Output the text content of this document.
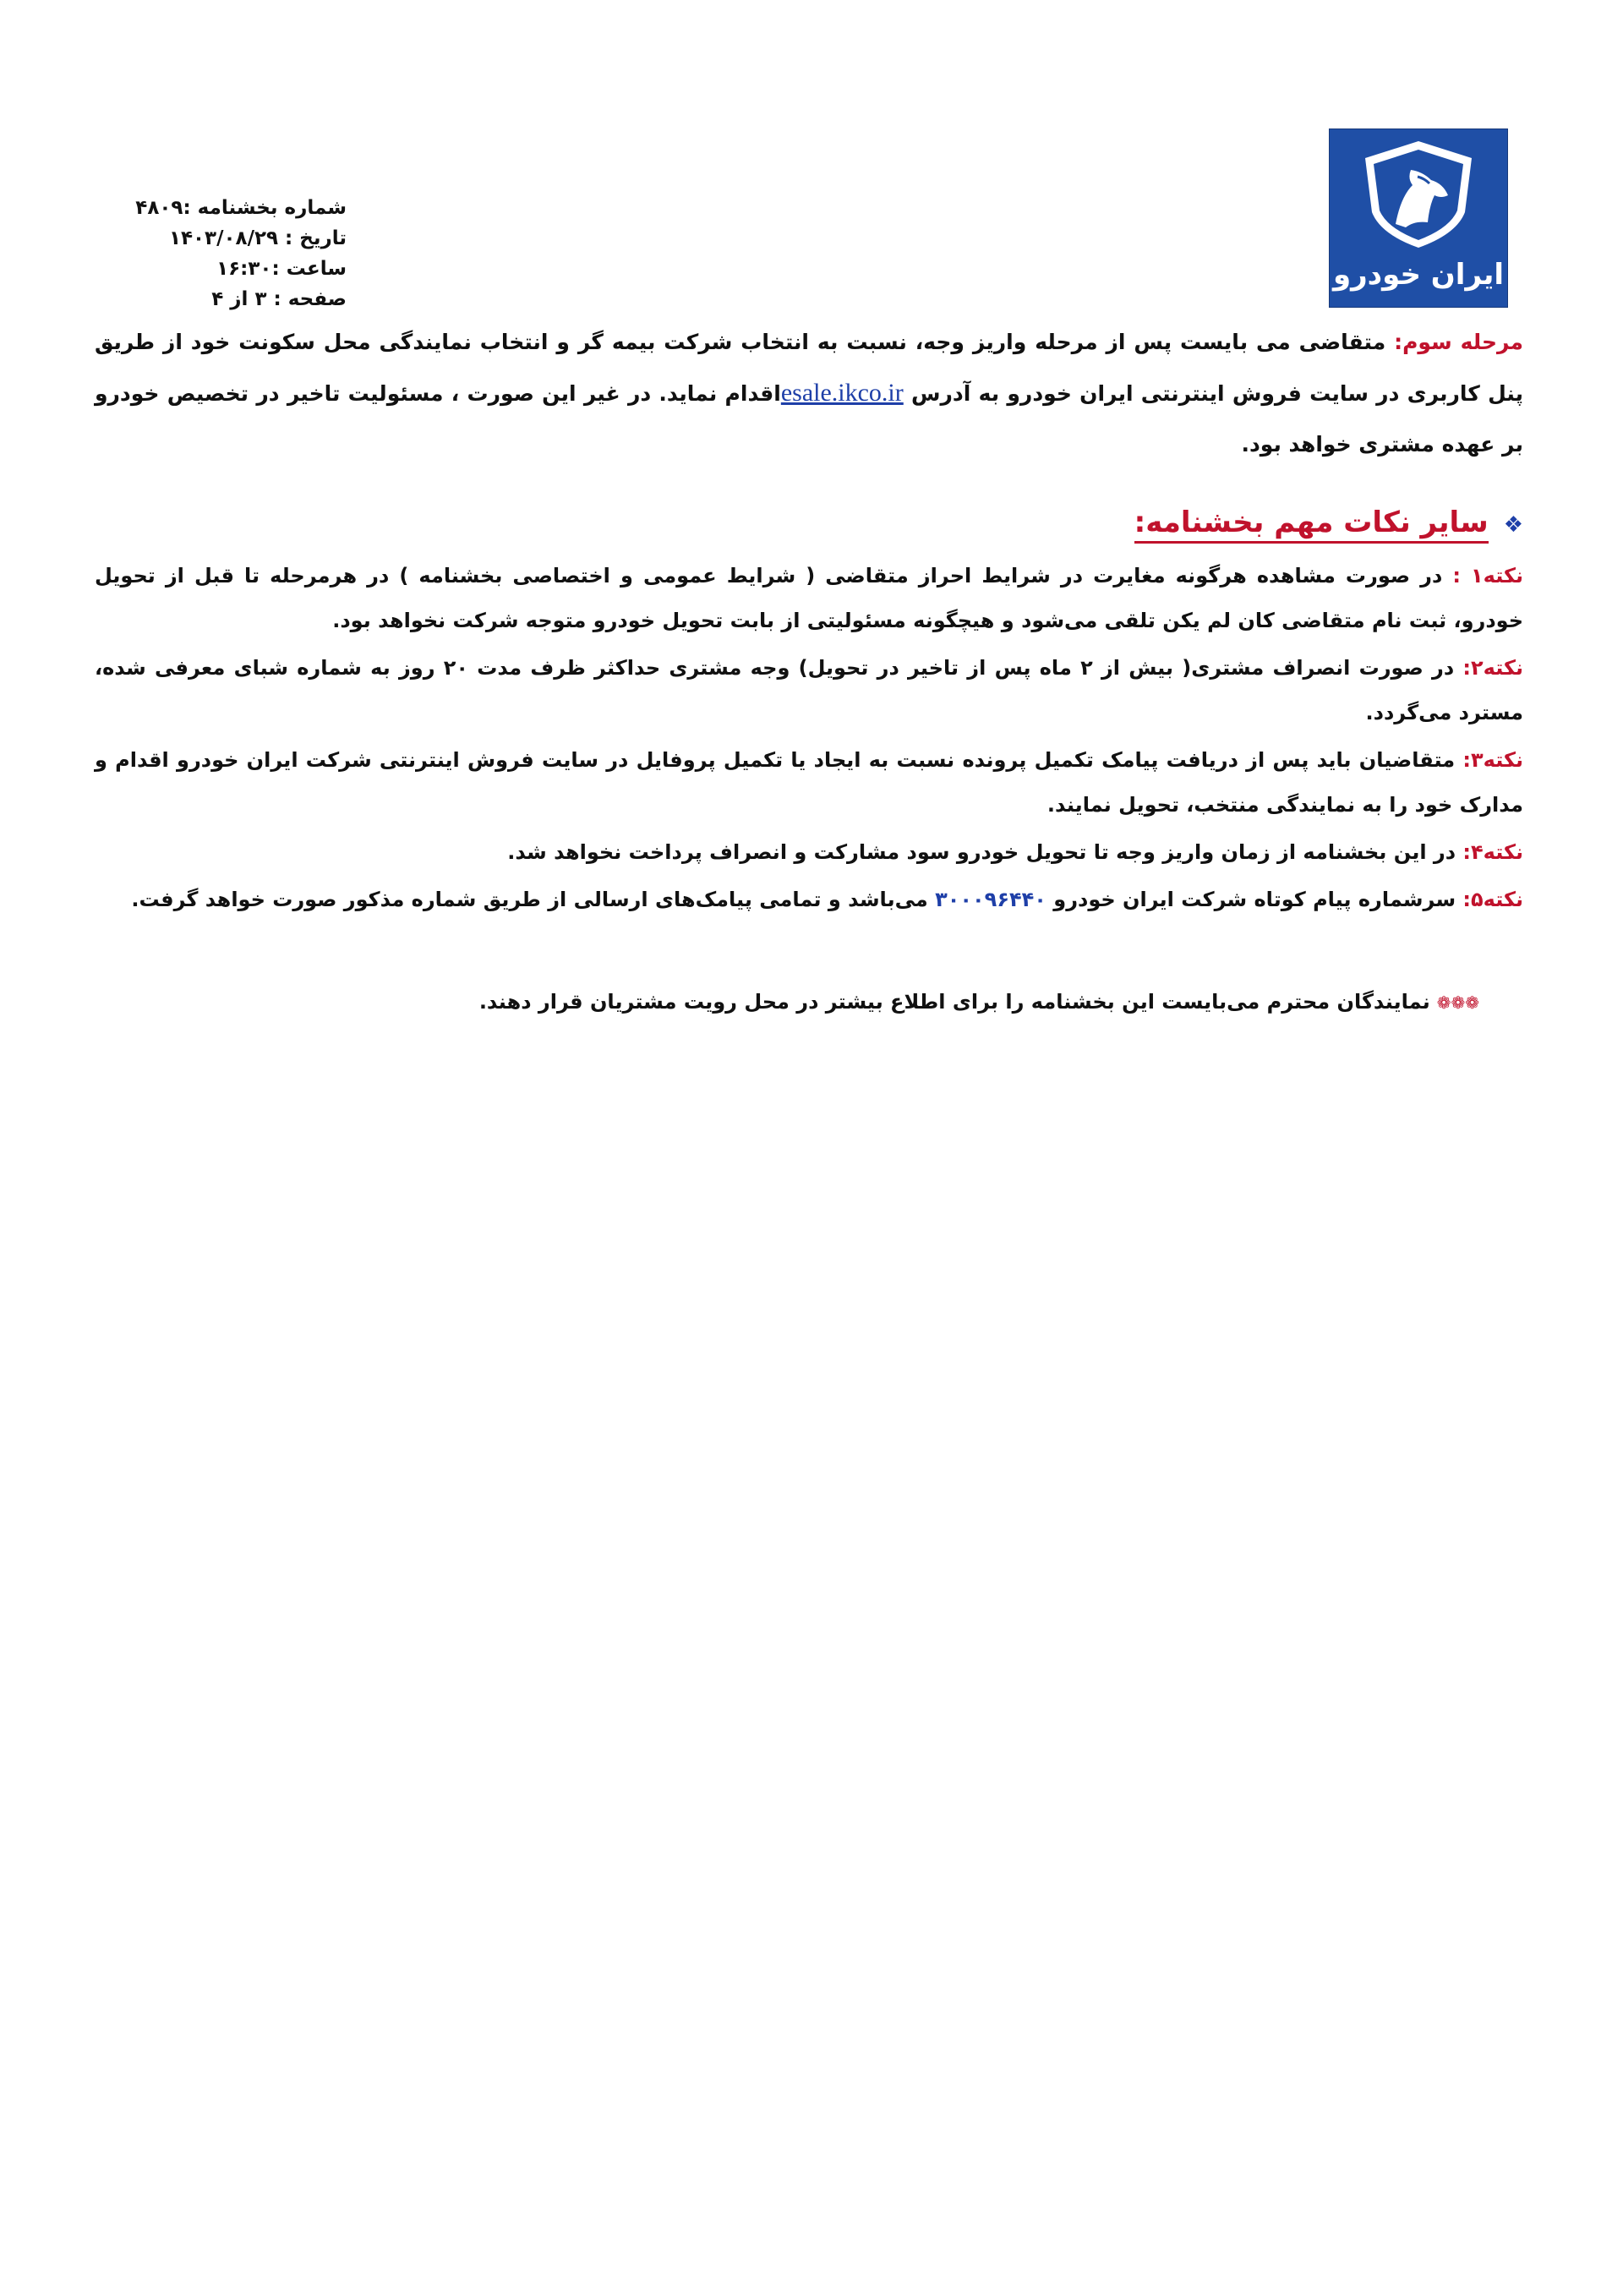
ایران خودرو
شماره بخشنامه :۴۸۰۹
تاریخ : ۱۴۰۳/۰۸/۲۹
ساعت :۱۶:۳۰
صفحه : ۳ از ۴
مرحله سوم: متقاضی می بایست پس از مرحله واریز وجه، نسبت به انتخاب شرکت بیمه گر و انتخاب نمایندگی محل سکونت خود از طریق پنل کاربری در سایت فروش اینترنتی ایران خودرو به آدرس esale.ikco.irاقدام نماید. در غیر این صورت ، مسئولیت تاخیر در تخصیص خودرو بر عهده مشتری خواهد بود.
❖سایر نکات مهم بخشنامه:

نکته۱ : در صورت مشاهده هرگونه مغایرت در شرایط احراز متقاضی ( شرایط عمومی و اختصاصی بخشنامه ) در هرمرحله تا قبل از تحویل خودرو، ثبت نام متقاضی کان لم یکن تلقی می‌شود و هیچگونه مسئولیتی از بابت تحویل خودرو متوجه شرکت نخواهد بود.

نکته۲: در صورت انصراف مشتری( بیش از ۲ ماه پس از تاخیر در تحویل) وجه مشتری حداکثر ظرف مدت ۲۰ روز به شماره شبای معرفی شده، مسترد می‌گردد.

نکته۳: متقاضیان باید پس از دریافت پیامک تکمیل پرونده نسبت به ایجاد یا تکمیل پروفایل در سایت فروش اینترنتی شرکت ایران خودرو اقدام و مدارک خود را به نمایندگی منتخب، تحویل نمایند.

نکته۴: در این بخشنامه از زمان واریز وجه تا تحویل خودرو سود مشارکت و انصراف پرداخت نخواهد شد.

نکته۵: سرشماره پیام کوتاه شرکت ایران خودرو ۳۰۰۰۹۶۴۴۰ می‌باشد و تمامی پیامک‌های ارسالی از طریق شماره مذکور صورت خواهد گرفت.

❁❁❁نمایندگان محترم می‌بایست این بخشنامه را برای اطلاع بیشتر در محل رویت مشتریان قرار دهند.
